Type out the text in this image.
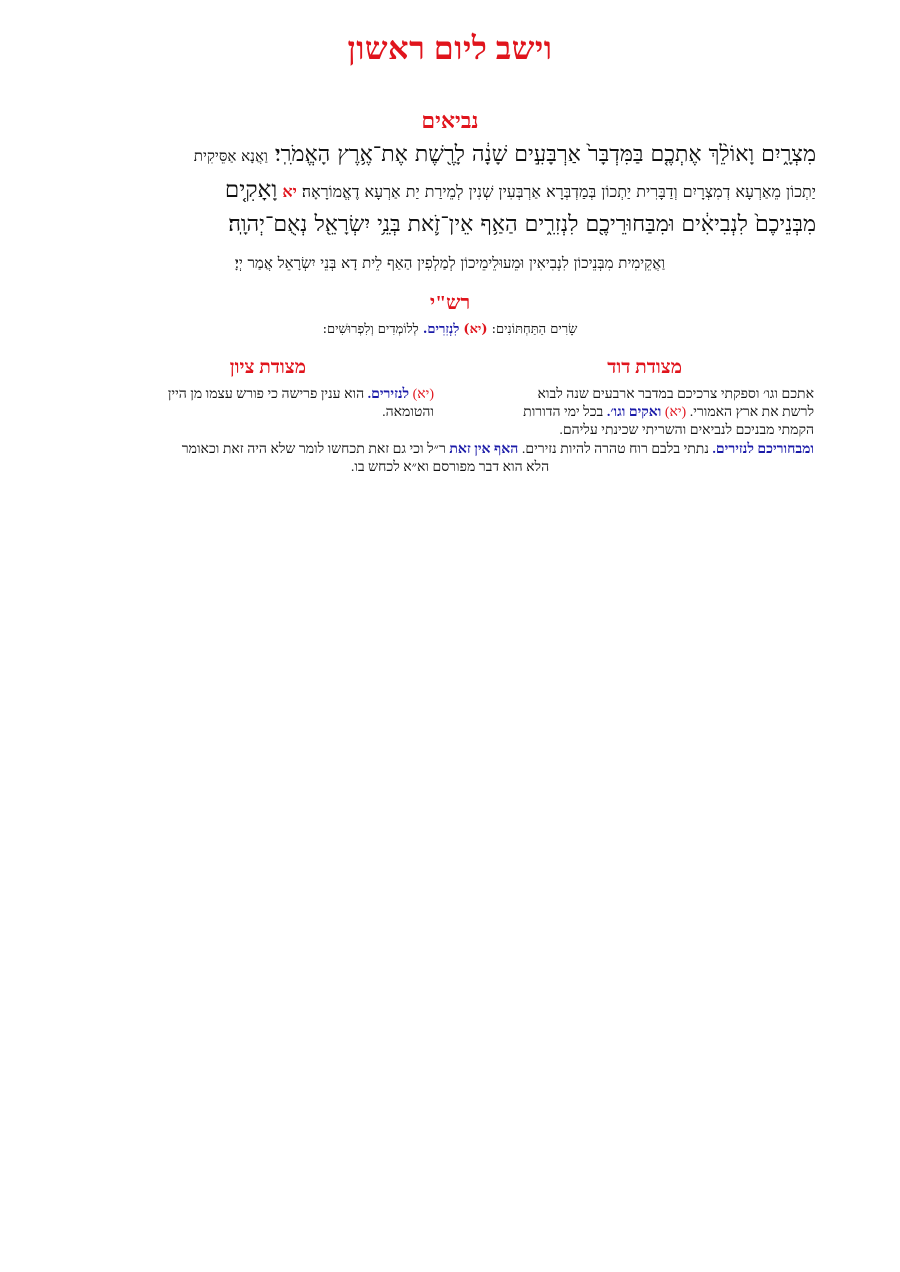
וישב ליום ראשון
נביאים
מִצְרָ֑יִם וָאוֹלֵ֨ךְ אֶתְכֶ֤ם בַּמִּדְבָּר֙ אַרְבָּעִ֣ים שָׁנָ֔ה לָרֶ֖שֶׁת אֶת־אֶ֥רֶץ הָאֱמֹרִֽי׃ וַאֲנָא אַסֵּיקִית
יַתְכוֹן מֵאַרְעָא דְמִצְרָיִם וְדַבָּרִית יַתְכוֹן בְּמַדְבְּרָא אַרְבְּעִין שְׁנִין לְמֵירַת יַת אַרְעָא דֶאֱמוֹרָאָה׃ יא וָאָקִ֤ים
מִבְּנֵיכֶם֙ לִנְבִיאִ֔ים וּמִבַּחוּרֵיכֶ֖ם לִנְזִרִ֑ים הַאַ֥ף אֵין־זֹ֛את בְּנֵ֥י יִשְׂרָאֵ֖ל נְאֻם־יְהוָֽה׃
וַאֲקֵימִית מִבְּנֵיכוֹן לִנְבִיאִין וּמֵעוּלֵימֵיכוֹן לְמַלְפִין הַאַף לֵית דָא בְּנֵי יִשְׂרָאֵל אֲמַר יְיָ׃
רש"י
שָׂרִים הַתַּחְתּוֹנִים: (יא) לִנְזִרִים. לְלוֹמְדִים וְלִפְרוּשִׁים:
מצודת דוד
מצודת ציון
אתכם וגו׳ וספקתי צרכיכם במדבר ארבעים שנה לבוא
לרשת את ארץ האמורי. (יא) ואקים וגו׳. בכל ימי הדורות
הקמתי מבניכם לנביאים והשריתי שכינתי עליהם.
ומבחוריכם לנזירים. נתתי בלבם רוח טהרה להיות נזירים. האף אין זאת ר״ל וכי גם זאת תכחשו לומר שלא היה זאת וכאומר
הלא הוא דבר מפורסם וא״א לכחש בו.
(יא) לנזירים. הוא ענין פרישה כי פורש עצמו מן היין
והטומאה.
